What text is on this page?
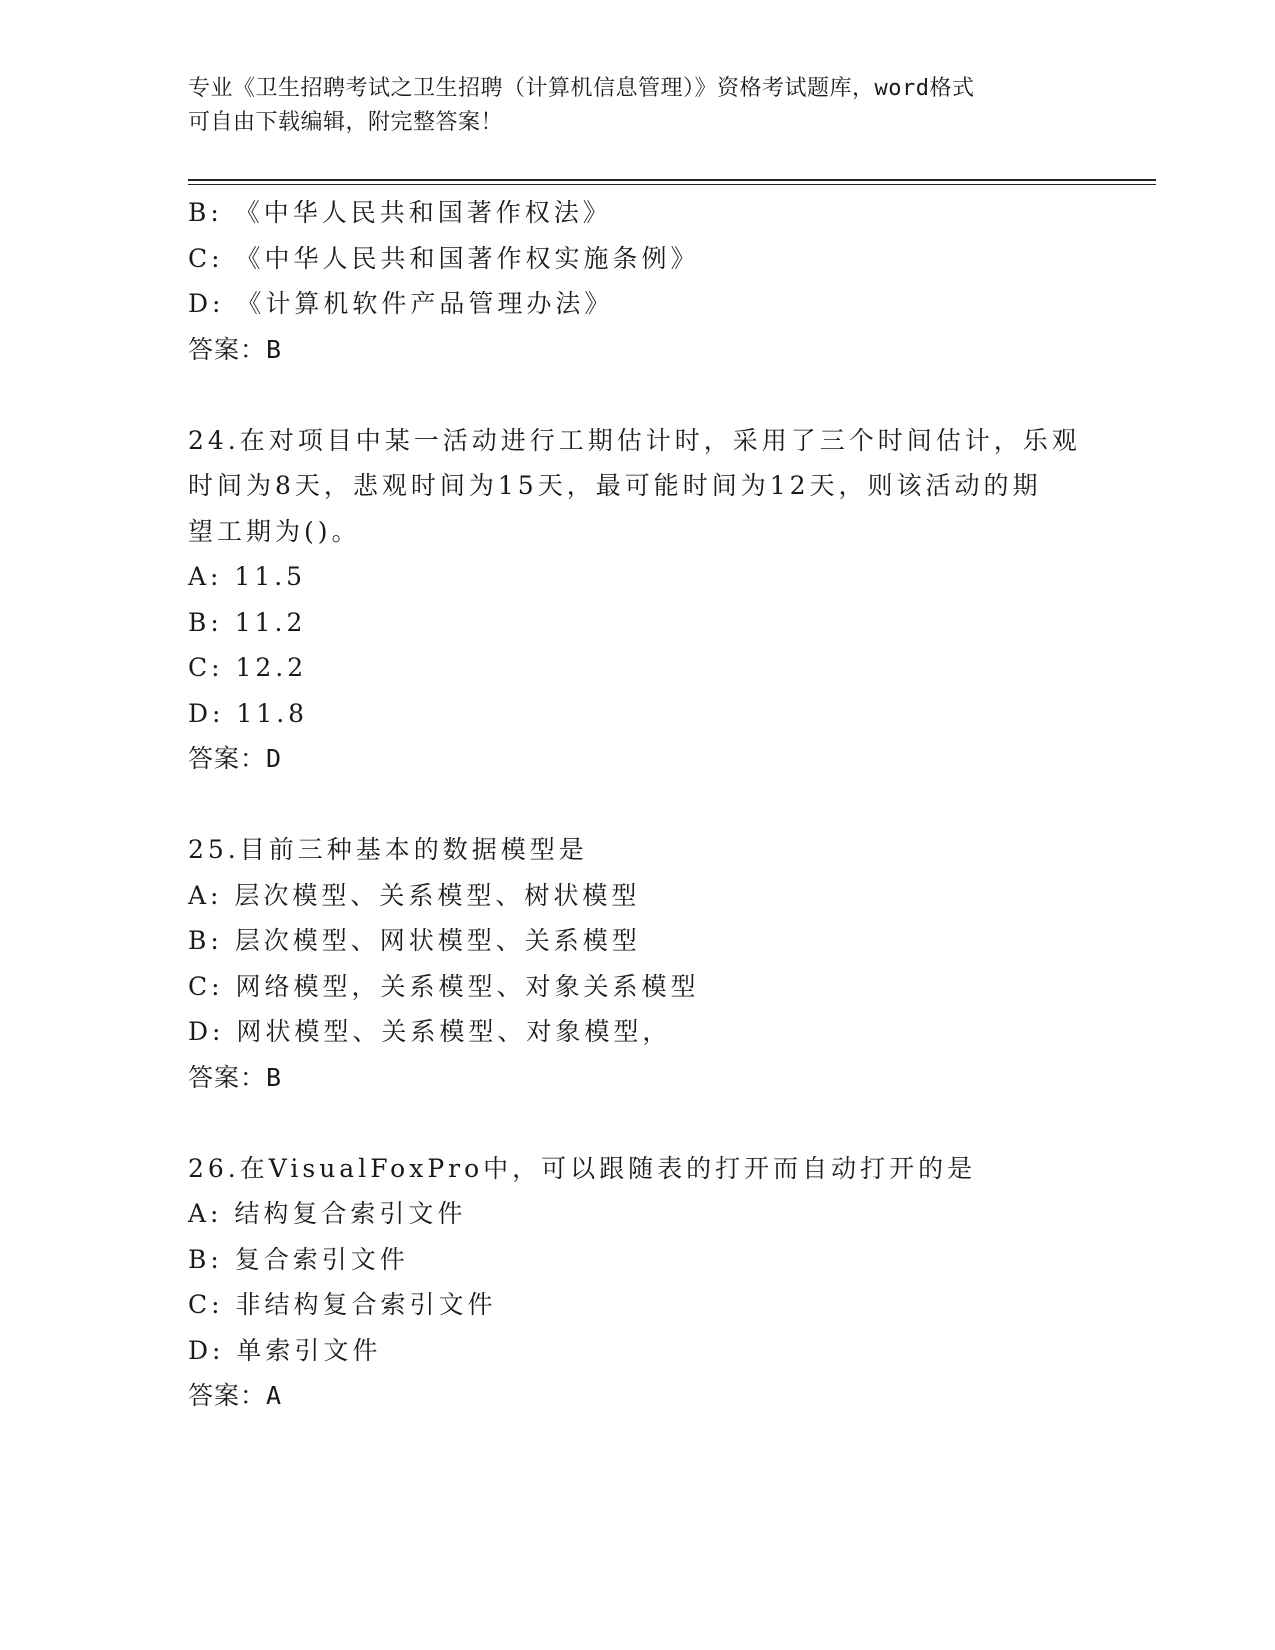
专业《卫生招聘考试之卫生招聘（计算机信息管理）》资格考试题库，word格式
可自由下载编辑，附完整答案！
B: 《中华人民共和国著作权法》
C: 《中华人民共和国著作权实施条例》
D: 《计算机软件产品管理办法》
答案：B
24.在对项目中某一活动进行工期估计时，采用了三个时间估计，乐观
时间为8天，悲观时间为15天，最可能时间为12天，则该活动的期
望工期为()。
A: 11.5
B: 11.2
C: 12.2
D: 11.8
答案：D
25.目前三种基本的数据模型是
A: 层次模型、关系模型、树状模型
B: 层次模型、网状模型、关系模型
C: 网络模型，关系模型、对象关系模型
D: 网状模型、关系模型、对象模型，
答案：B
26.在VisualFoxPro中，可以跟随表的打开而自动打开的是
A: 结构复合索引文件
B: 复合索引文件
C: 非结构复合索引文件
D: 单索引文件
答案：A
